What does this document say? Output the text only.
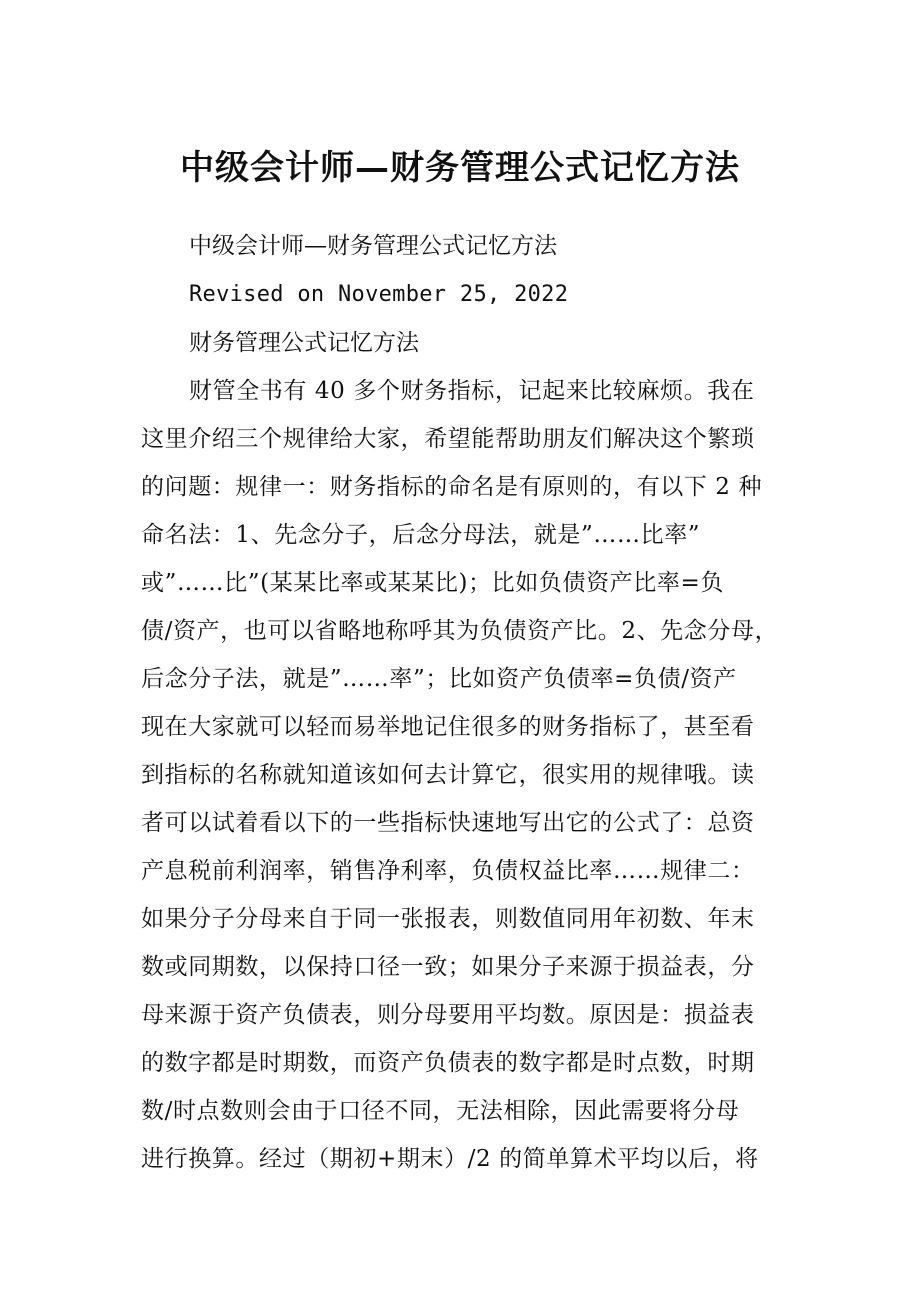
中级会计师—财务管理公式记忆方法
中级会计师—财务管理公式记忆方法
Revised on November 25, 2022
财务管理公式记忆方法
财管全书有 40 多个财务指标，记起来比较麻烦。我在
这里介绍三个规律给大家，希望能帮助朋友们解决这个繁琐
的问题：规律一：财务指标的命名是有原则的，有以下 2 种
命名法：1、先念分子，后念分母法，就是”……比率”
或”……比”(某某比率或某某比)；比如负债资产比率=负
债/资产，也可以省略地称呼其为负债资产比。2、先念分母，
后念分子法，就是”……率”；比如资产负债率=负债/资产
现在大家就可以轻而易举地记住很多的财务指标了，甚至看
到指标的名称就知道该如何去计算它，很实用的规律哦。读
者可以试着看以下的一些指标快速地写出它的公式了：总资
产息税前利润率，销售净利率，负债权益比率……规律二：
如果分子分母来自于同一张报表，则数值同用年初数、年末
数或同期数，以保持口径一致；如果分子来源于损益表，分
母来源于资产负债表，则分母要用平均数。原因是：损益表
的数字都是时期数，而资产负债表的数字都是时点数，时期
数/时点数则会由于口径不同，无法相除，因此需要将分母
进行换算。经过（期初+期末）/2 的简单算术平均以后，将
